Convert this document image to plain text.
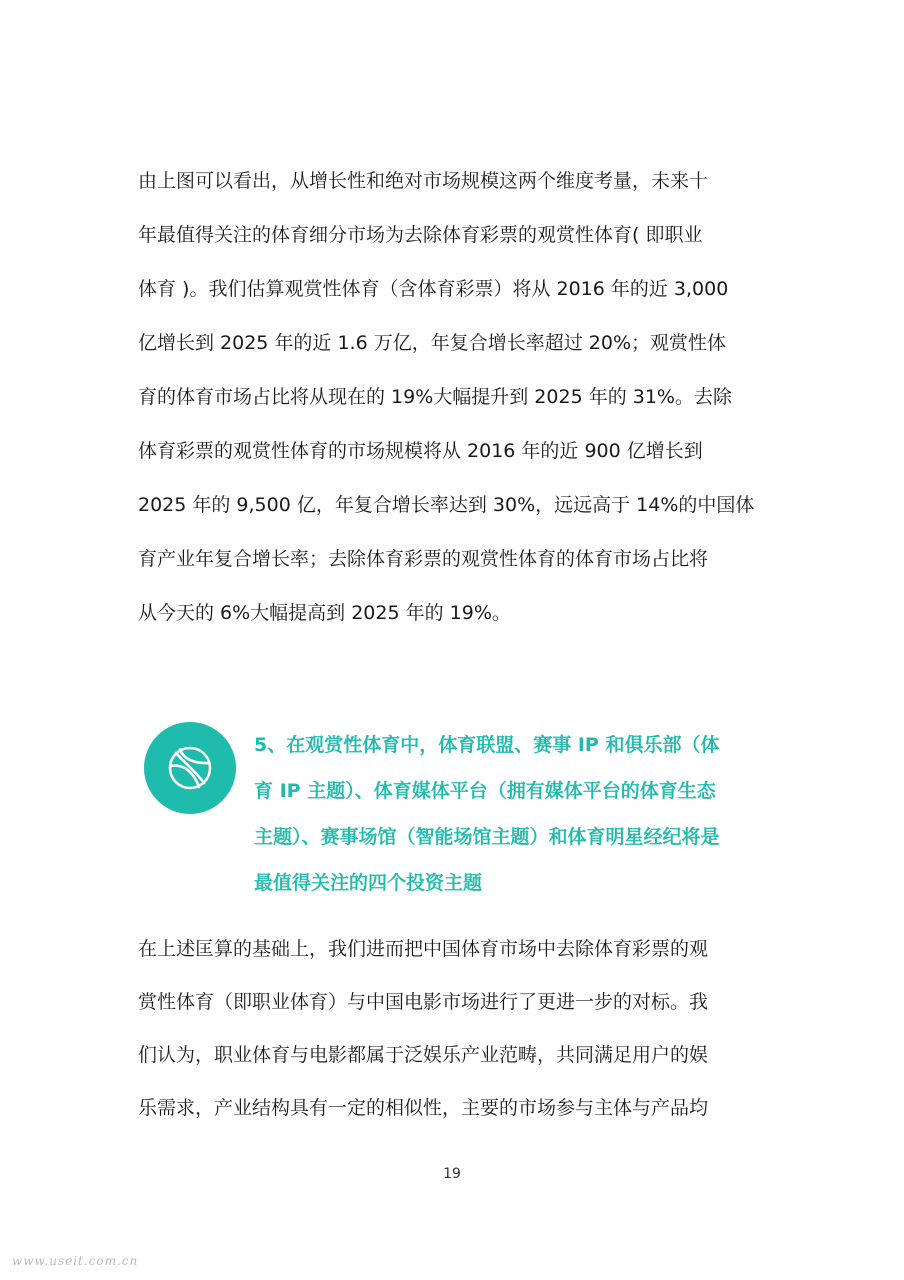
由上图可以看出，从增长性和绝对市场规模这两个维度考量，未来十
年最值得关注的体育细分市场为去除体育彩票的观赏性体育( 即职业
体育 )。我们估算观赏性体育（含体育彩票）将从 2016 年的近 3,000
亿增长到 2025 年的近 1.6 万亿，年复合增长率超过 20%；观赏性体
育的体育市场占比将从现在的 19%大幅提升到 2025 年的 31%。去除
体育彩票的观赏性体育的市场规模将从 2016 年的近 900 亿增长到
2025 年的 9,500 亿，年复合增长率达到 30%，远远高于 14%的中国体
育产业年复合增长率；去除体育彩票的观赏性体育的体育市场占比将
从今天的 6%大幅提高到 2025 年的 19%。
5、在观赏性体育中，体育联盟、赛事 IP 和俱乐部（体
育 IP 主题）、体育媒体平台（拥有媒体平台的体育生态
主题）、赛事场馆（智能场馆主题）和体育明星经纪将是
最值得关注的四个投资主题
在上述匡算的基础上，我们进而把中国体育市场中去除体育彩票的观
赏性体育（即职业体育）与中国电影市场进行了更进一步的对标。我
们认为，职业体育与电影都属于泛娱乐产业范畴，共同满足用户的娱
乐需求，产业结构具有一定的相似性，主要的市场参与主体与产品均
19
www.useit.com.cn
